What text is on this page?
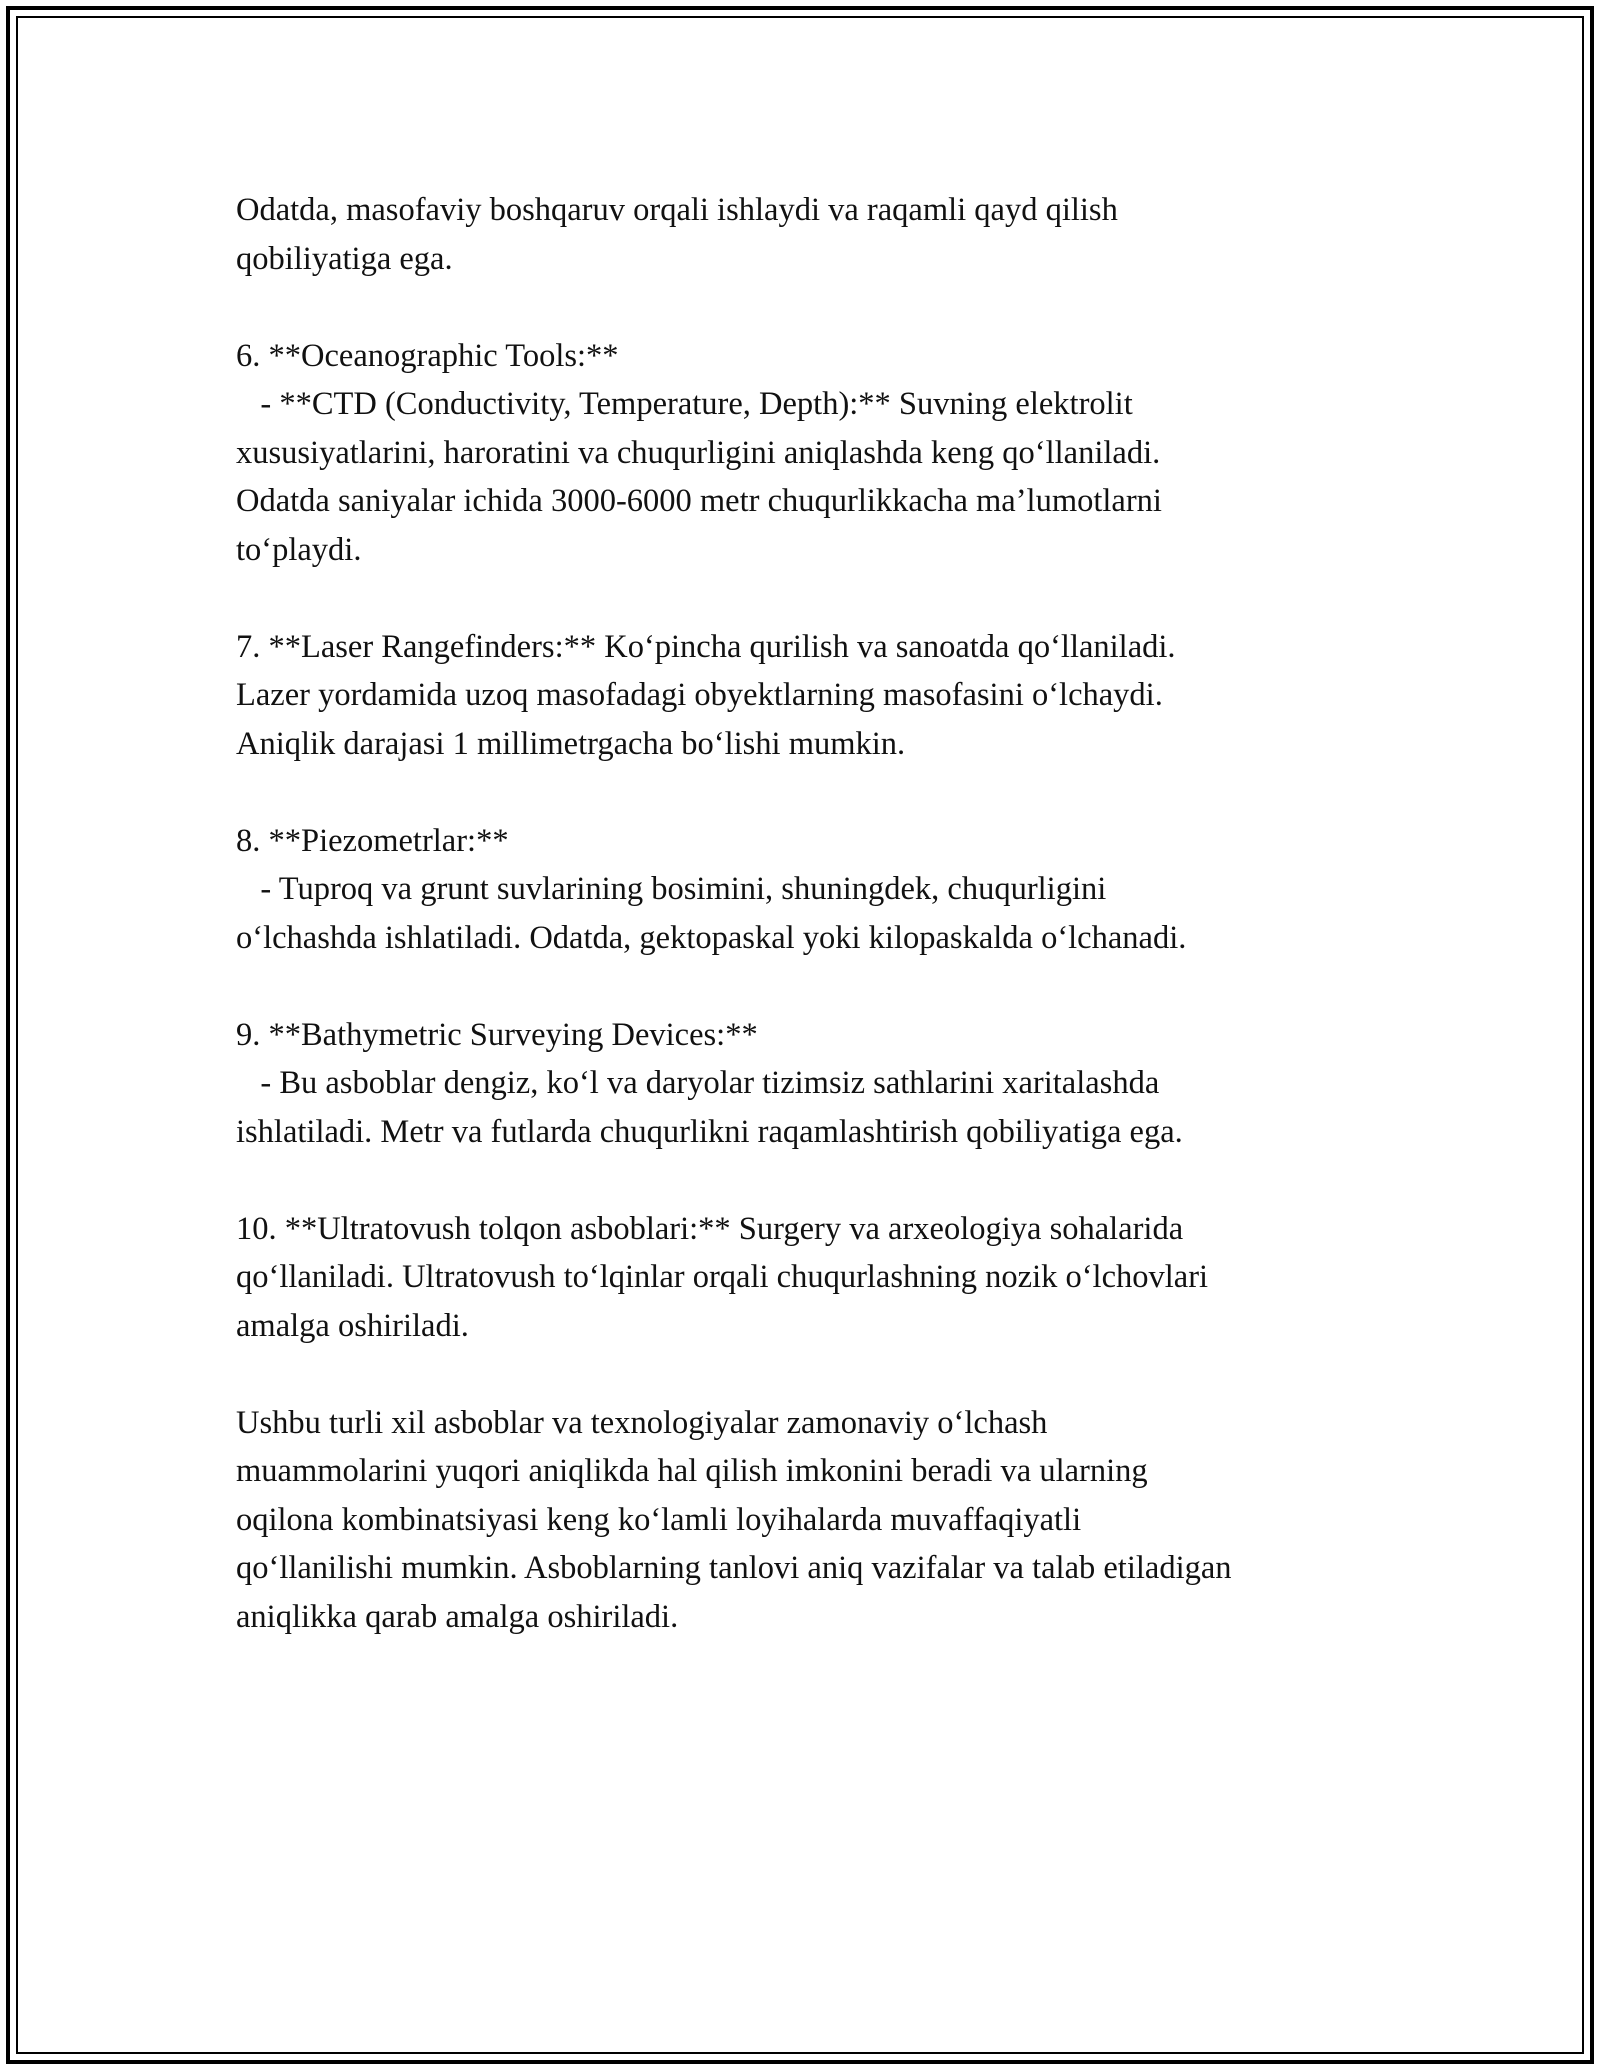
Odatda, masofaviy boshqaruv orqali ishlaydi va raqamli qayd qilish
qobiliyatiga ega.
6. **Oceanographic Tools:**
- **CTD (Conductivity, Temperature, Depth):** Suvning elektrolit
xususiyatlarini, haroratini va chuqurligini aniqlashda keng qo‘llaniladi.
Odatda saniyalar ichida 3000-6000 metr chuqurlikkacha ma’lumotlarni
to‘playdi.
7. **Laser Rangefinders:** Ko‘pincha qurilish va sanoatda qo‘llaniladi.
Lazer yordamida uzoq masofadagi obyektlarning masofasini o‘lchaydi.
Aniqlik darajasi 1 millimetrgacha bo‘lishi mumkin.
8. **Piezometrlar:**
- Tuproq va grunt suvlarining bosimini, shuningdek, chuqurligini
o‘lchashda ishlatiladi. Odatda, gektopaskal yoki kilopaskalda o‘lchanadi.
9. **Bathymetric Surveying Devices:**
- Bu asboblar dengiz, ko‘l va daryolar tizimsiz sathlarini xaritalashda
ishlatiladi. Metr va futlarda chuqurlikni raqamlashtirish qobiliyatiga ega.
10. **Ultratovush tolqon asboblari:** Surgery va arxeologiya sohalarida
qo‘llaniladi. Ultratovush to‘lqinlar orqali chuqurlashning nozik o‘lchovlari
amalga oshiriladi.
Ushbu turli xil asboblar va texnologiyalar zamonaviy o‘lchash
muammolarini yuqori aniqlikda hal qilish imkonini beradi va ularning
oqilona kombinatsiyasi keng ko‘lamli loyihalarda muvaffaqiyatli
qo‘llanilishi mumkin. Asboblarning tanlovi aniq vazifalar va talab etiladigan
aniqlikka qarab amalga oshiriladi.
